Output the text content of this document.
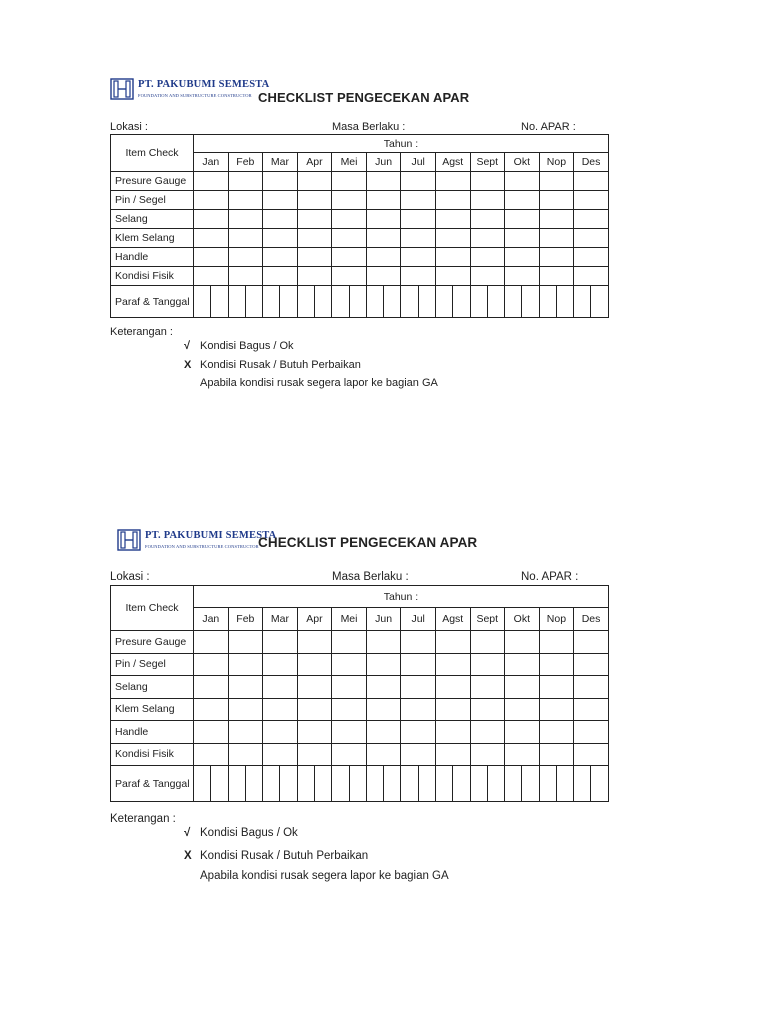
PT. PAKUBUMI SEMESTA
FOUNDATION AND SUBSTRUCTURE CONSTRUCTOR CHECKLIST PENGECEKAN APAR
Lokasi :	Masa Berlaku :	No. APAR :
Item Check	Tahun :																							
	Jan		Feb		Mar		Apr		Mei		Jun		Jul		Agst		Sept		Okt		Nop		Des	
Presure Gauge																								
Pin / Segel																								
Selang																								
Klem Selang																								
Handle																								
Kondisi Fisik																								
Paraf & Tanggal																								
Keterangan :
√ Kondisi Bagus / Ok
X Kondisi Rusak / Butuh Perbaikan
Apabila kondisi rusak segera lapor ke bagian GA
PT. PAKUBUMI SEMESTA
FOUNDATION AND SUBSTRUCTURE CONSTRUCTOR CHECKLIST PENGECEKAN APAR
Lokasi :	Masa Berlaku :	No. APAR :
Item Check	Tahun :																							
	Jan		Feb		Mar		Apr		Mei		Jun		Jul		Agst		Sept		Okt		Nop		Des	
Presure Gauge																								
Pin / Segel																								
Selang																								
Klem Selang																								
Handle																								
Kondisi Fisik																								
Paraf & Tanggal																								
Keterangan :
√ Kondisi Bagus / Ok
X Kondisi Rusak / Butuh Perbaikan
Apabila kondisi rusak segera lapor ke bagian GA
